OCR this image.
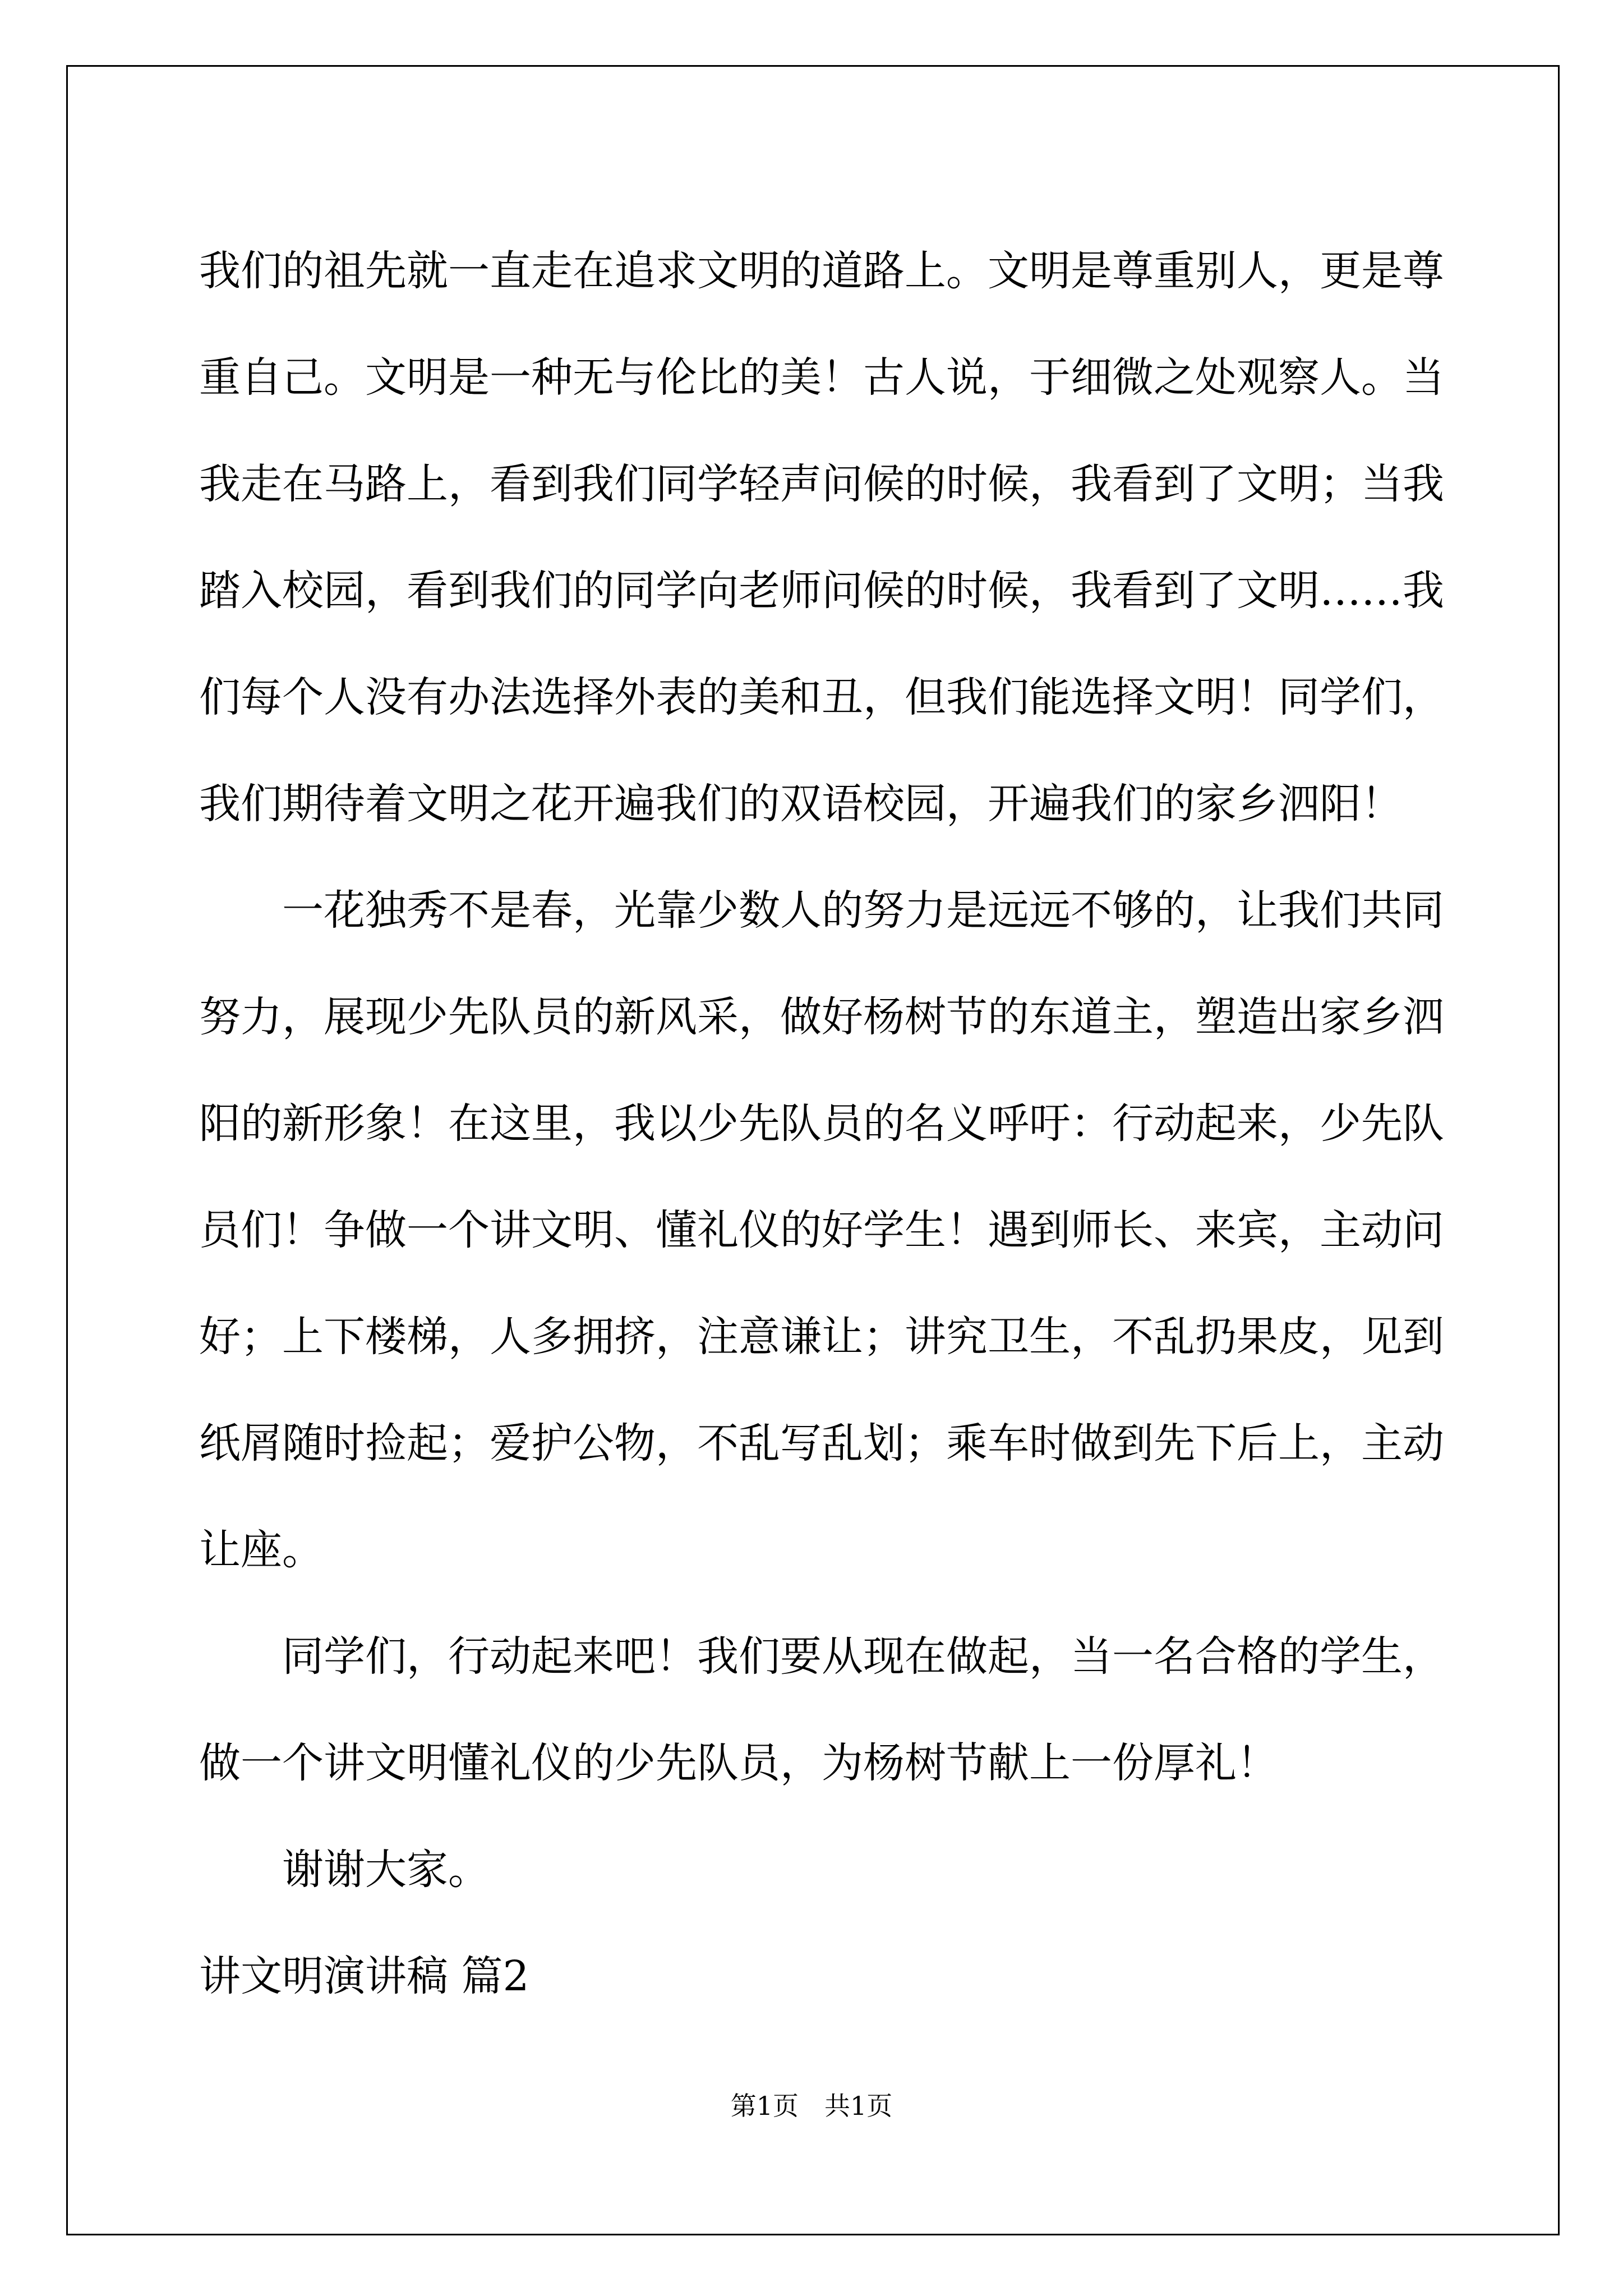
我们的祖先就一直走在追求文明的道路上。文明是尊重别人，更是尊
重自己。文明是一种无与伦比的美！古人说，于细微之处观察人。当
我走在马路上，看到我们同学轻声问候的时候，我看到了文明；当我
踏入校园，看到我们的同学向老师问候的时候，我看到了文明……我
们每个人没有办法选择外表的美和丑，但我们能选择文明！同学们，
我们期待着文明之花开遍我们的双语校园，开遍我们的家乡泗阳！
一花独秀不是春，光靠少数人的努力是远远不够的，让我们共同
努力，展现少先队员的新风采，做好杨树节的东道主，塑造出家乡泗
阳的新形象！在这里，我以少先队员的名义呼吁：行动起来，少先队
员们！争做一个讲文明、懂礼仪的好学生！遇到师长、来宾，主动问
好；上下楼梯，人多拥挤，注意谦让；讲究卫生，不乱扔果皮，见到
纸屑随时捡起；爱护公物，不乱写乱划；乘车时做到先下后上，主动
让座。
同学们，行动起来吧！我们要从现在做起，当一名合格的学生，
做一个讲文明懂礼仪的少先队员，为杨树节献上一份厚礼！
谢谢大家。
讲文明演讲稿 篇2
第1页　共1页
